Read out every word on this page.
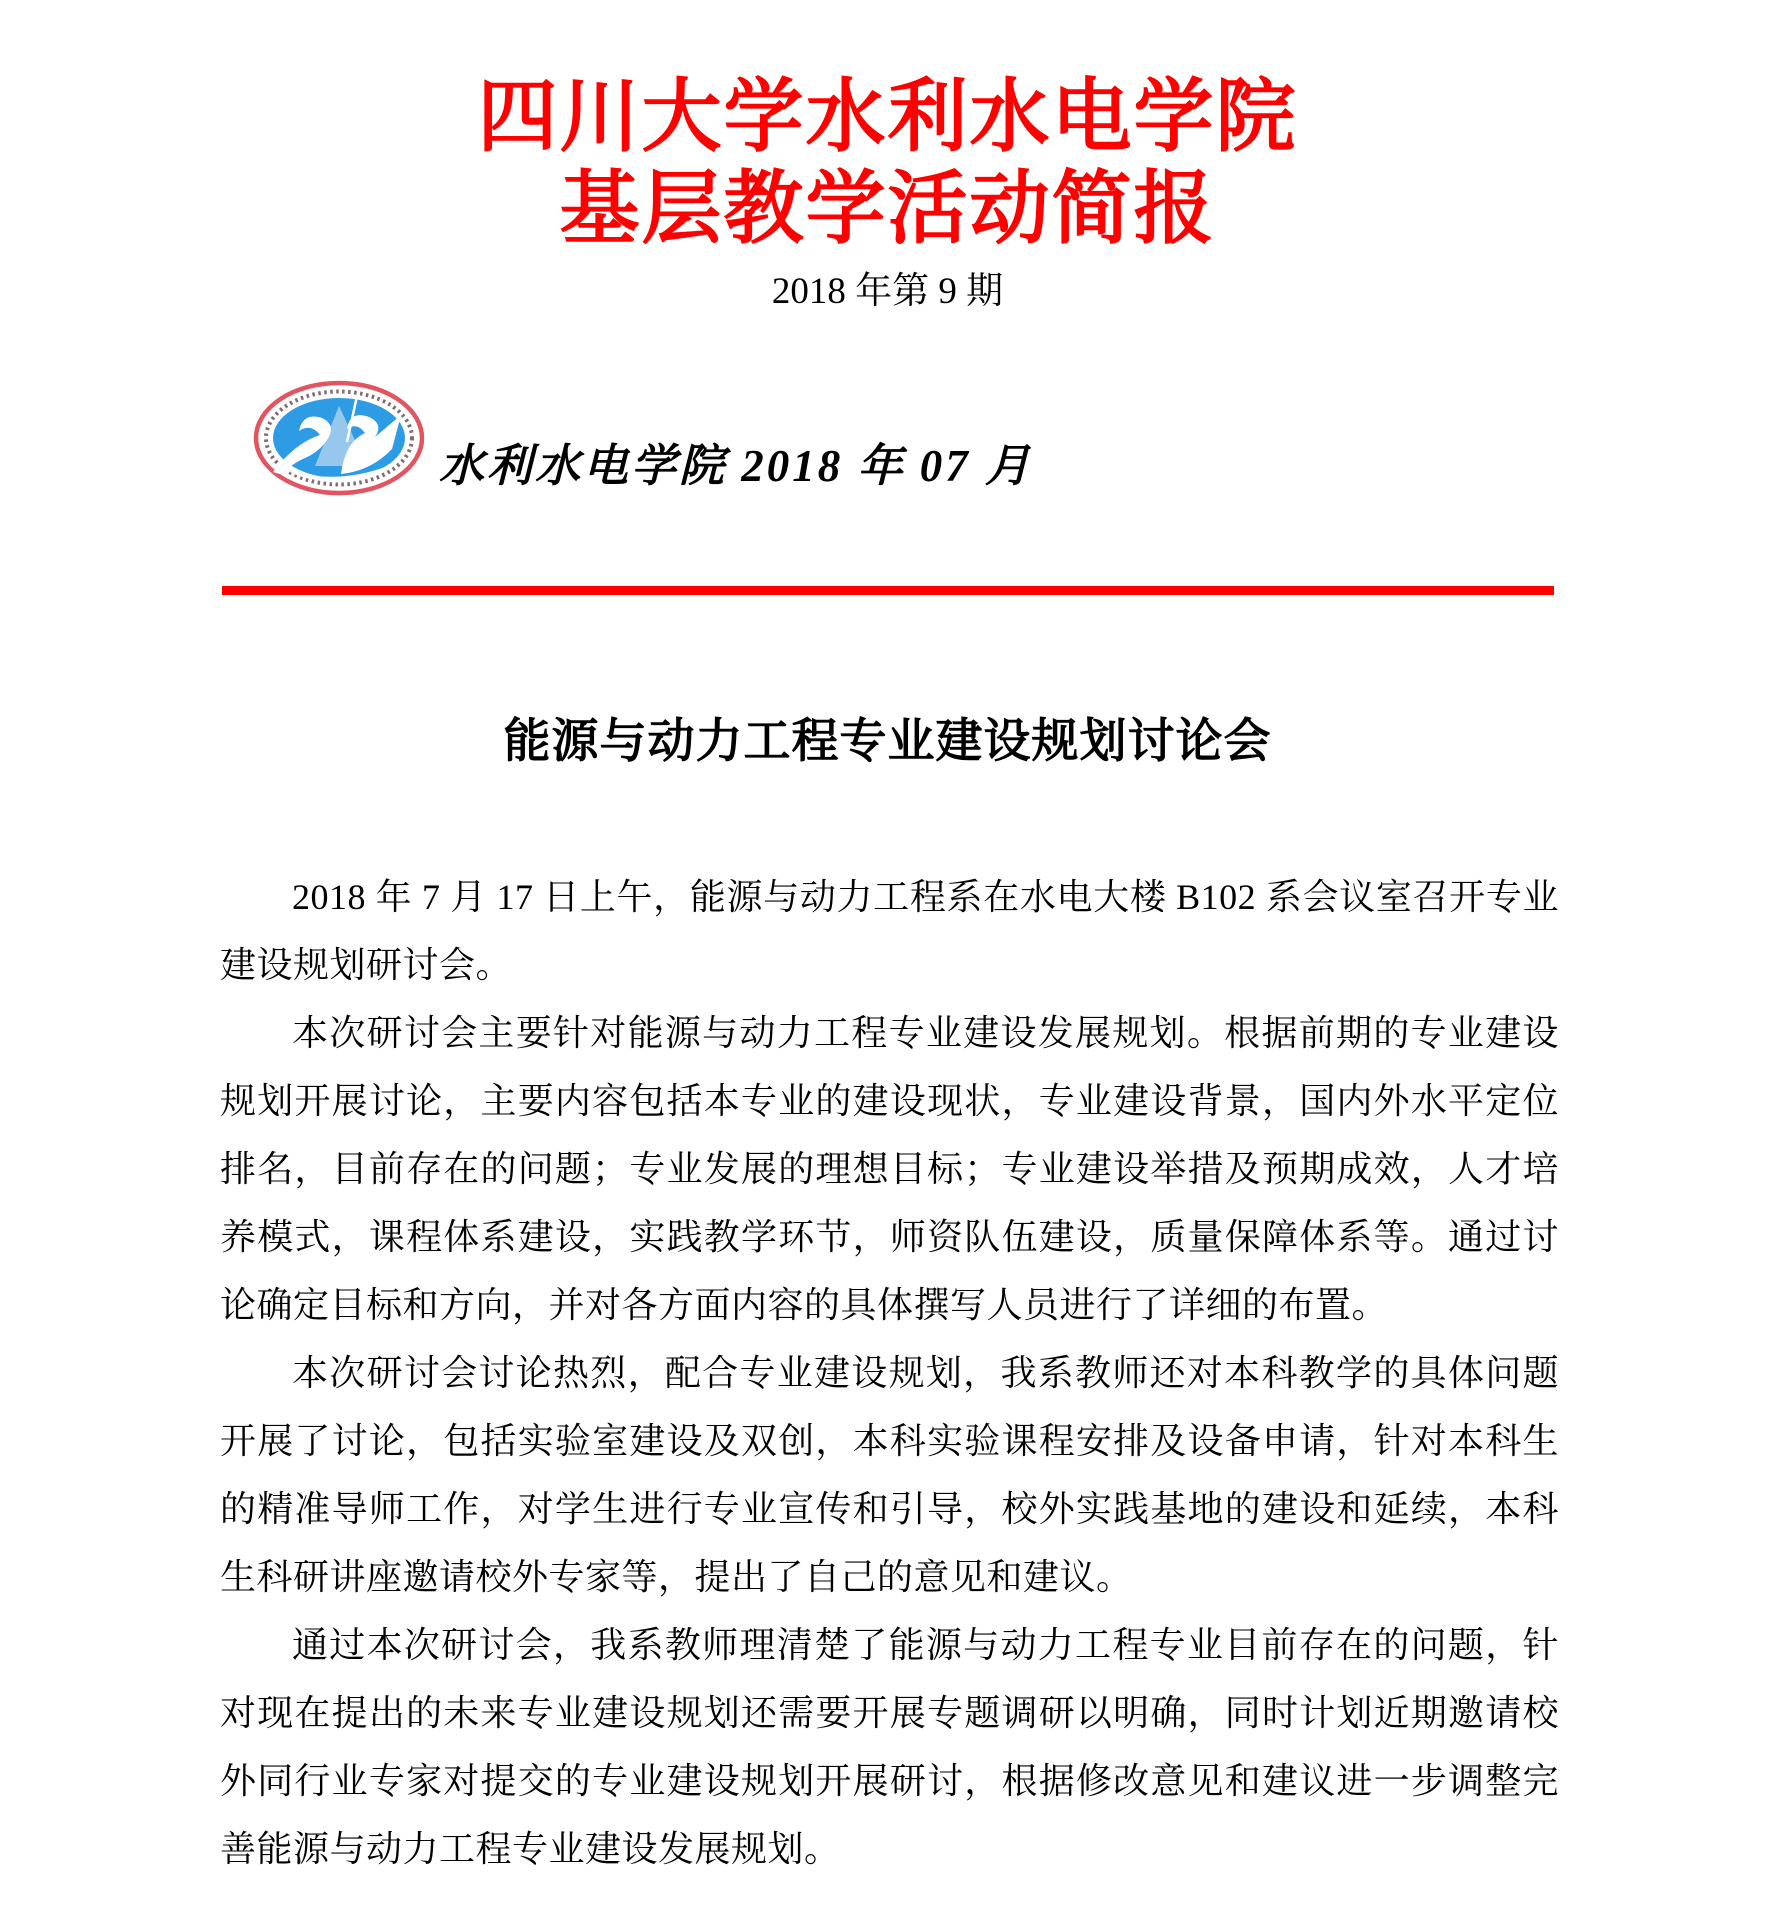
四川大学水利水电学院
基层教学活动简报
2018 年第 9 期
水利水电学院 2018 年 07 月
能源与动力工程专业建设规划讨论会

2018 年 7 月 17 日上午，能源与动力工程系在水电大楼 B102 系会议室召开专业建设规划研讨会。

本次研讨会主要针对能源与动力工程专业建设发展规划。根据前期的专业建设规划开展讨论，主要内容包括本专业的建设现状，专业建设背景，国内外水平定位排名，目前存在的问题；专业发展的理想目标；专业建设举措及预期成效，人才培养模式，课程体系建设，实践教学环节，师资队伍建设，质量保障体系等。通过讨论确定目标和方向，并对各方面内容的具体撰写人员进行了详细的布置。

本次研讨会讨论热烈，配合专业建设规划，我系教师还对本科教学的具体问题开展了讨论，包括实验室建设及双创，本科实验课程安排及设备申请，针对本科生的精准导师工作，对学生进行专业宣传和引导，校外实践基地的建设和延续，本科生科研讲座邀请校外专家等，提出了自己的意见和建议。

通过本次研讨会，我系教师理清楚了能源与动力工程专业目前存在的问题，针对现在提出的未来专业建设规划还需要开展专题调研以明确，同时计划近期邀请校外同行业专家对提交的专业建设规划开展研讨，根据修改意见和建议进一步调整完善能源与动力工程专业建设发展规划。
